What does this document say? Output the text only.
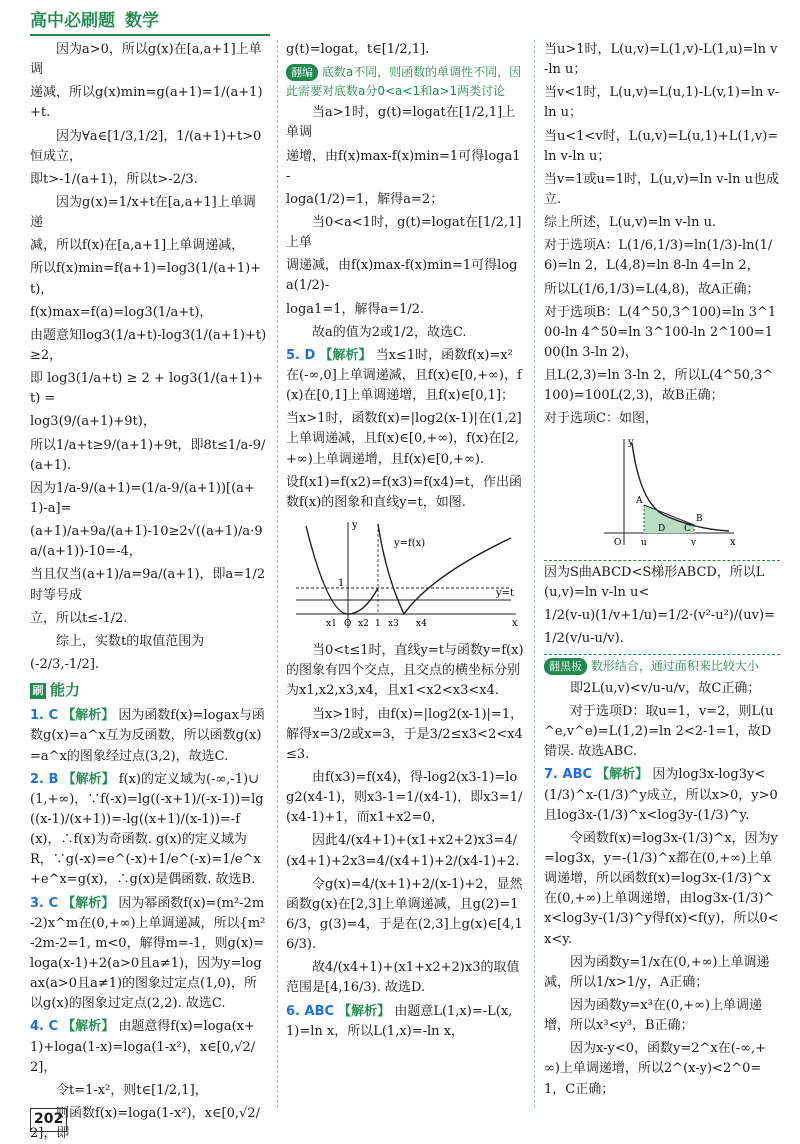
高中必刷题 数学
因为a>0，所以g(x)在[a,a+1]上单调
递减，所以g(x)min=g(a+1)=1/(a+1)+t.
因为∀a∈[1/3,1/2]，1/(a+1)+t>0恒成立，
即t>-1/(a+1)，所以t>-2/3.
因为g(x)=1/x+t在[a,a+1]上单调递
减，所以f(x)在[a,a+1]上单调递减，
所以f(x)min=f(a+1)=log3(1/(a+1)+t)，
f(x)max=f(a)=log3(1/a+t)，
由题意知log3(1/a+t)-log3(1/(a+1)+t)≥2，
即 log3(1/a+t) ≥ 2 + log3(1/(a+1)+t) =
log3(9/(a+1)+9t)，
所以1/a+t≥9/(a+1)+9t，即8t≤1/a-9/(a+1).
因为1/a-9/(a+1)=(1/a-9/(a+1))[(a+1)-a]=
(a+1)/a+9a/(a+1)-10≥2√((a+1)/a·9a/(a+1))-10=-4，
当且仅当(a+1)/a=9a/(a+1)，即a=1/2时等号成
立，所以t≤-1/2.
综上，实数t的取值范围为
(-2/3,-1/2].
刷 能力
1. C 【解析】 因为函数f(x)=logax与函数g(x)=a^x互为反函数，所以函数g(x)=a^x的图象经过点(3,2)，故选C.
2. B 【解析】 f(x)的定义域为(-∞,-1)∪(1,+∞)，∵f(-x)=lg((-x+1)/(-x-1))=lg((x-1)/(x+1))=-lg((x+1)/(x-1))=-f(x)，∴f(x)为奇函数. g(x)的定义域为R，∵g(-x)=e^(-x)+1/e^(-x)=1/e^x+e^x=g(x)，∴g(x)是偶函数. 故选B.
3. C 【解析】 因为幂函数f(x)=(m²-2m-2)x^m在(0,+∞)上单调递减，所以{m²-2m-2=1, m<0，解得m=-1，则g(x)=loga(x-1)+2(a>0且a≠1)，因为y=logax(a>0且a≠1)的图象过定点(1,0)，所以g(x)的图象过定点(2,2). 故选C.
4. C 【解析】 由题意得f(x)=loga(x+1)+loga(1-x)=loga(1-x²)，x∈[0,√2/2]，
令t=1-x²，则t∈[1/2,1]，
则函数f(x)=loga(1-x²)，x∈[0,√2/2]，即
g(t)=logat，t∈[1/2,1].
翻编 底数a不同，则函数的单调性不同，因此需要对底数a分0<a<1和a>1两类讨论
当a>1时，g(t)=logat在[1/2,1]上单调
递增，由f(x)max-f(x)min=1可得loga1-
loga(1/2)=1，解得a=2；
当0<a<1时，g(t)=logat在[1/2,1]上单
调递减，由f(x)max-f(x)min=1可得loga(1/2)-
loga1=1，解得a=1/2.
故a的值为2或1/2，故选C.
5. D 【解析】 当x≤1时，函数f(x)=x²在(-∞,0]上单调递减，且f(x)∈[0,+∞)，f(x)在[0,1]上单调递增，且f(x)∈[0,1]；
当x>1时，函数f(x)=|log2(x-1)|在(1,2]上单调递减，且f(x)∈[0,+∞)，f(x)在[2,+∞)上单调递增，且f(x)∈[0,+∞).
设f(x1)=f(x2)=f(x3)=f(x4)=t，作出函数f(x)的图象和直线y=t，如图.
y=f(x)
y=t
y
x
1
x1 O x2 1 x3 x4
当0<t≤1时，直线y=t与函数y=f(x)的图象有四个交点，且交点的横坐标分别为x1,x2,x3,x4，且x1<x2<x3<x4.
当x>1时，由f(x)=|log2(x-1)|=1，解得x=3/2或x=3，于是3/2≤x3<2<x4≤3.
由f(x3)=f(x4)，得-log2(x3-1)=log2(x4-1)，则x3-1=1/(x4-1)，即x3=1/(x4-1)+1，而x1+x2=0，
因此4/(x4+1)+(x1+x2+2)x3=4/(x4+1)+2x3=4/(x4+1)+2/(x4-1)+2.
令g(x)=4/(x+1)+2/(x-1)+2，显然函数g(x)在[2,3]上单调递减，且g(2)=16/3，g(3)=4，于是在(2,3]上g(x)∈[4,16/3).
故4/(x4+1)+(x1+x2+2)x3的取值范围是[4,16/3). 故选D.
6. ABC 【解析】 由题意L(1,x)=-L(x,1)=ln x，所以L(1,x)=-ln x，
当u>1时，L(u,v)=L(1,v)-L(1,u)=ln v-ln u；
当v<1时，L(u,v)=L(u,1)-L(v,1)=ln v-ln u；
当u<1<v时，L(u,v)=L(u,1)+L(1,v)=ln v-ln u；
当v=1或u=1时，L(u,v)=ln v-ln u也成立.
综上所述，L(u,v)=ln v-ln u.
对于选项A：L(1/6,1/3)=ln(1/3)-ln(1/6)=ln 2，L(4,8)=ln 8-ln 4=ln 2，
所以L(1/6,1/3)=L(4,8)，故A正确；
对于选项B：L(4^50,3^100)=ln 3^100-ln 4^50=ln 3^100-ln 2^100=100(ln 3-ln 2)，
且L(2,3)=ln 3-ln 2，所以L(4^50,3^100)=100L(2,3)，故B正确；
对于选项C：如图，
y
x
O u
D
v
C
A
B
因为S曲ABCD<S梯形ABCD，所以L(u,v)=ln v-ln u<
1/2(v-u)(1/v+1/u)=1/2·(v²-u²)/(uv)=
1/2(v/u-u/v).
翻黑板 数形结合，通过面积来比较大小
即2L(u,v)<v/u-u/v，故C正确；
对于选项D：取u=1，v=2，则L(u^e,v^e)=L(1,2)=ln 2<2-1=1，故D错误. 故选ABC.
7. ABC 【解析】 因为log3x-log3y<(1/3)^x-(1/3)^y成立，所以x>0，y>0且log3x-(1/3)^x<log3y-(1/3)^y.
令函数f(x)=log3x-(1/3)^x，因为y=log3x，y=-(1/3)^x都在(0,+∞)上单调递增，所以函数f(x)=log3x-(1/3)^x在(0,+∞)上单调递增，由log3x-(1/3)^x<log3y-(1/3)^y得f(x)<f(y)，所以0<x<y.
因为函数y=1/x在(0,+∞)上单调递减，所以1/x>1/y，A正确；
因为函数y=x³在(0,+∞)上单调递增，所以x³<y³，B正确；
因为x-y<0，函数y=2^x在(-∞,+∞)上单调递增，所以2^(x-y)<2^0=1，C正确；
202
